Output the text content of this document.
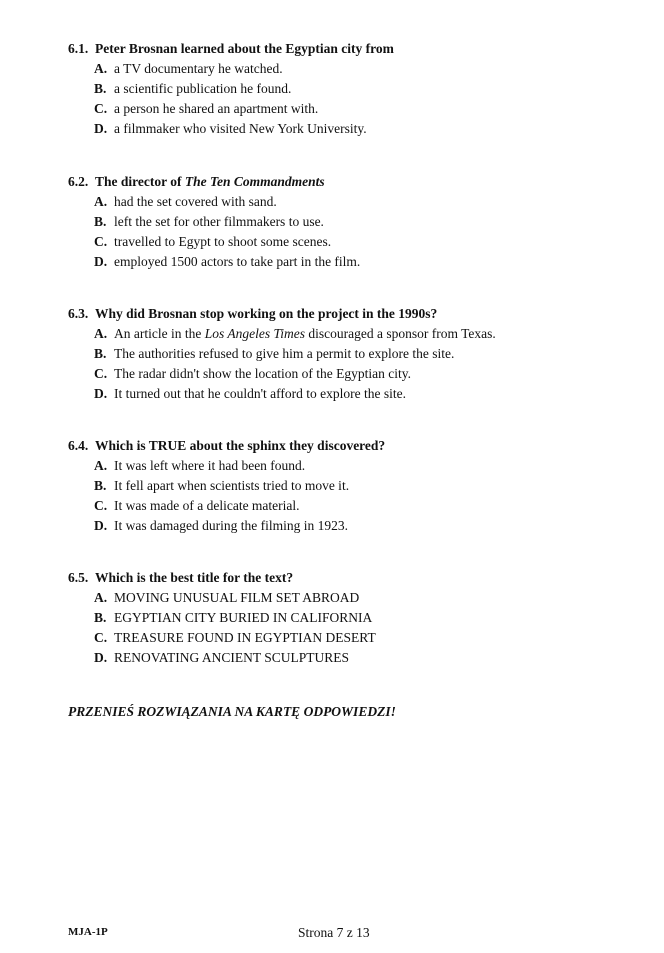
6.1. Peter Brosnan learned about the Egyptian city from
A. a TV documentary he watched.
B. a scientific publication he found.
C. a person he shared an apartment with.
D. a filmmaker who visited New York University.
6.2. The director of The Ten Commandments
A. had the set covered with sand.
B. left the set for other filmmakers to use.
C. travelled to Egypt to shoot some scenes.
D. employed 1500 actors to take part in the film.
6.3. Why did Brosnan stop working on the project in the 1990s?
A. An article in the Los Angeles Times discouraged a sponsor from Texas.
B. The authorities refused to give him a permit to explore the site.
C. The radar didn't show the location of the Egyptian city.
D. It turned out that he couldn't afford to explore the site.
6.4. Which is TRUE about the sphinx they discovered?
A. It was left where it had been found.
B. It fell apart when scientists tried to move it.
C. It was made of a delicate material.
D. It was damaged during the filming in 1923.
6.5. Which is the best title for the text?
A. MOVING UNUSUAL FILM SET ABROAD
B. EGYPTIAN CITY BURIED IN CALIFORNIA
C. TREASURE FOUND IN EGYPTIAN DESERT
D. RENOVATING ANCIENT SCULPTURES
PRZENIEŚ ROZWIĄZANIA NA KARTĘ ODPOWIEDZI!
MJA-1P	Strona 7 z 13
